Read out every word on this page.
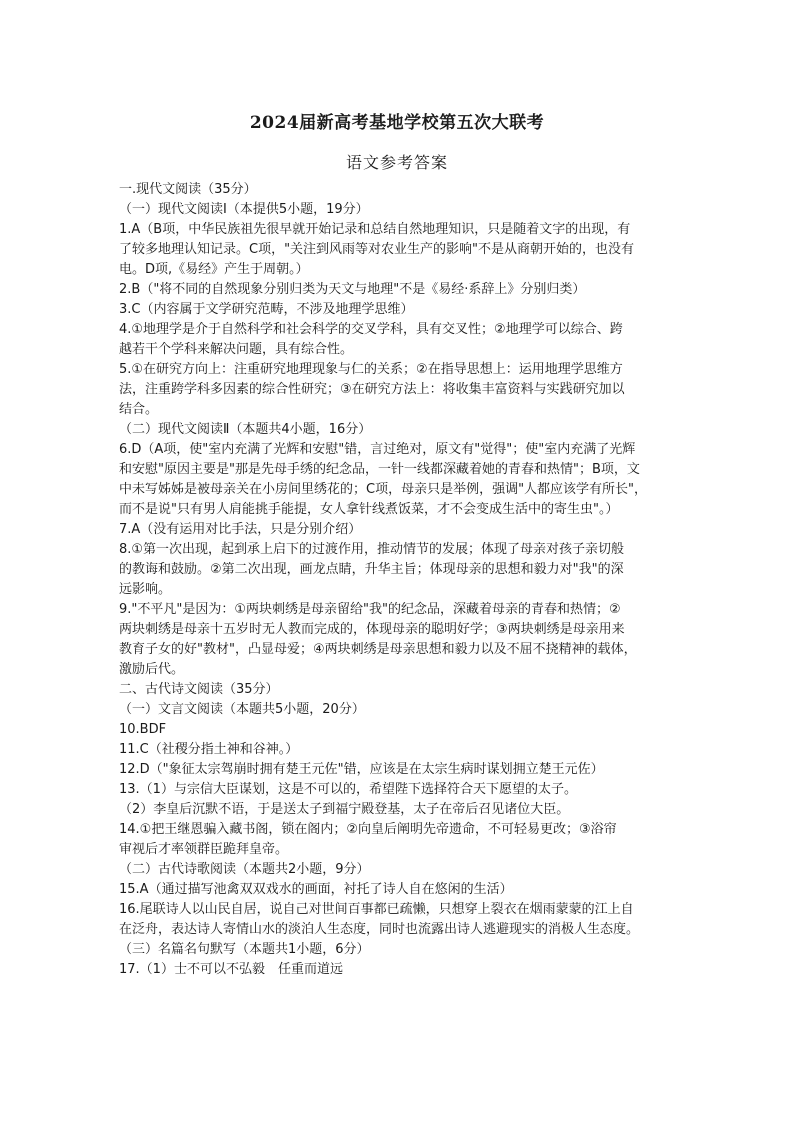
2024届新高考基地学校第五次大联考
语文参考答案
一.现代文阅读（35分）
（一）现代文阅读Ⅰ（本提供5小题，19分）
1.A（B项，中华民族祖先很早就开始记录和总结自然地理知识，只是随着文字的出现，有
了较多地理认知记录。C项，"关注到风雨等对农业生产的影响"不是从商朝开始的，也没有
电。D项,《易经》产生于周朝。）
2.B（"将不同的自然现象分别归类为天文与地理"不是《易经·系辞上》分别归类）
3.C（内容属于文学研究范畴，不涉及地理学思维）
4.①地理学是介于自然科学和社会科学的交叉学科，具有交叉性；②地理学可以综合、跨
越若干个学科来解决问题，具有综合性。
5.①在研究方向上：注重研究地理现象与仁的关系；②在指导思想上：运用地理学思维方
法，注重跨学科多因素的综合性研究；③在研究方法上：将收集丰富资料与实践研究加以
结合。
（二）现代文阅读Ⅱ（本题共4小题，16分）
6.D（A项，使"室内充满了光辉和安慰"错，言过绝对，原文有"觉得"；使"室内充满了光辉
和安慰"原因主要是"那是先母手绣的纪念品，一针一线都深藏着她的青春和热情"；B项，文
中未写姊姊是被母亲关在小房间里绣花的；C项，母亲只是举例，强调"人都应该学有所长"，
而不是说"只有男人肩能挑手能提，女人拿针线煮饭菜，才不会变成生活中的寄生虫"。）
7.A（没有运用对比手法，只是分别介绍）
8.①第一次出现，起到承上启下的过渡作用，推动情节的发展；体现了母亲对孩子亲切般
的教诲和鼓励。②第二次出现，画龙点睛，升华主旨；体现母亲的思想和毅力对"我"的深
远影响。
9."不平凡"是因为：①两块刺绣是母亲留给"我"的纪念品，深藏着母亲的青春和热情；②
两块刺绣是母亲十五岁时无人教而完成的，体现母亲的聪明好学；③两块刺绣是母亲用来
教育子女的好"教材"，凸显母爱；④两块刺绣是母亲思想和毅力以及不屈不挠精神的载体，
激励后代。
二、古代诗文阅读（35分）
（一）文言文阅读（本题共5小题，20分）
10.BDF
11.C（社稷分指土神和谷神。）
12.D（"象征太宗驾崩时拥有楚王元佐"错，应该是在太宗生病时谋划拥立楚王元佐）
13.（1）与宗信大臣谋划，这是不可以的，希望陛下选择符合天下愿望的太子。
（2）李皇后沉默不语，于是送太子到福宁殿登基，太子在帝后召见诸位大臣。
14.①把王继恩骗入藏书阁，锁在阁内；②向皇后阐明先帝遗命，不可轻易更改；③浴帘
审视后才率领群臣跪拜皇帝。
（二）古代诗歌阅读（本题共2小题，9分）
15.A（通过描写池禽双双戏水的画面，衬托了诗人自在悠闲的生活）
16.尾联诗人以山民自居，说自己对世间百事都已疏懒，只想穿上裂衣在烟雨蒙蒙的江上自
在泛舟，表达诗人寄情山水的淡泊人生态度，同时也流露出诗人逃避现实的消极人生态度。
（三）名篇名句默写（本题共1小题，6分）
17.（1）士不可以不弘毅　任重而道远
